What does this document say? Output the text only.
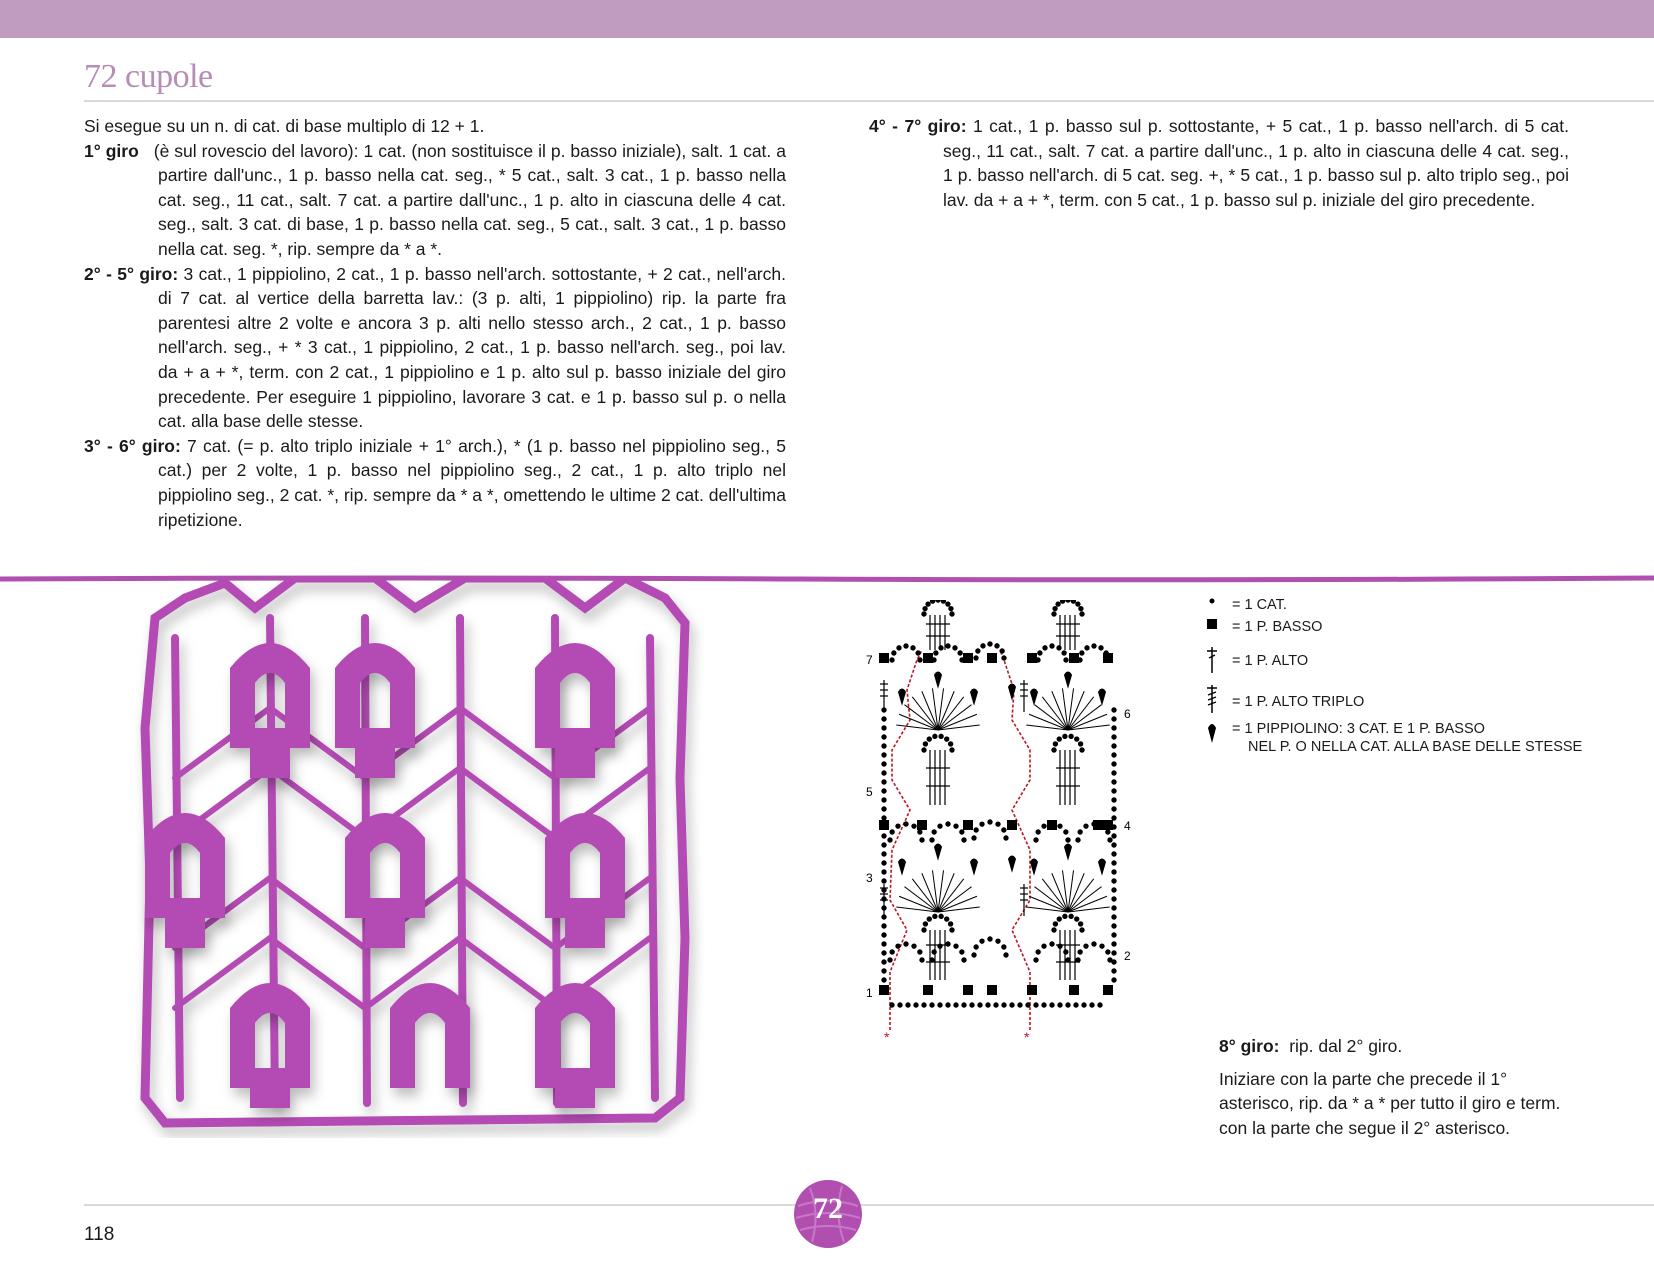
72 cupole
Si esegue su un n. di cat. di base multiplo di 12 + 1.
1° giro (è sul rovescio del lavoro): 1 cat. (non sostituisce il p. basso iniziale), salt. 1 cat. a partire dall'unc., 1 p. basso nella cat. seg., * 5 cat., salt. 3 cat., 1 p. basso nella cat. seg., 11 cat., salt. 7 cat. a partire dall'unc., 1 p. alto in ciascuna delle 4 cat. seg., salt. 3 cat. di base, 1 p. basso nella cat. seg., 5 cat., salt. 3 cat., 1 p. basso nella cat. seg. *, rip. sempre da * a *.
2° - 5° giro: 3 cat., 1 pippiolino, 2 cat., 1 p. basso nell'arch. sottostante, + 2 cat., nell'arch. di 7 cat. al vertice della barretta lav.: (3 p. alti, 1 pippiolino) rip. la parte fra parentesi altre 2 volte e ancora 3 p. alti nello stesso arch., 2 cat., 1 p. basso nell'arch. seg., + * 3 cat., 1 pippiolino, 2 cat., 1 p. basso nell'arch. seg., poi lav. da + a + *, term. con 2 cat., 1 pippiolino e 1 p. alto sul p. basso iniziale del giro precedente. Per eseguire 1 pippiolino, lavorare 3 cat. e 1 p. basso sul p. o nella cat. alla base delle stesse.
3° - 6° giro: 7 cat. (= p. alto triplo iniziale + 1° arch.), * (1 p. basso nel pippiolino seg., 5 cat.) per 2 volte, 1 p. basso nel pippiolino seg., 2 cat., 1 p. alto triplo nel pippiolino seg., 2 cat. *, rip. sempre da * a *, omettendo le ultime 2 cat. dell'ultima ripetizione.
4° - 7° giro: 1 cat., 1 p. basso sul p. sottostante, + 5 cat., 1 p. basso nell'arch. di 5 cat. seg., 11 cat., salt. 7 cat. a partire dall'unc., 1 p. alto in ciascuna delle 4 cat. seg., 1 p. basso nell'arch. di 5 cat. seg. +, * 5 cat., 1 p. basso sul p. alto triplo seg., poi lav. da + a + *, term. con 5 cat., 1 p. basso sul p. iniziale del giro precedente.
1
2
3
4
5
6
7
*	*
= 1 CAT.
= 1 P. BASSO
= 1 P. ALTO
= 1 P. ALTO TRIPLO
= 1 PIPPIOLINO: 3 CAT. E 1 P. BASSO
NEL P. O NELLA CAT. ALLA BASE DELLE STESSE
8° giro: rip. dal 2° giro.
Iniziare con la parte che precede il 1° asterisco, rip. da * a * per tutto il giro e term. con la parte che segue il 2° asterisco.
118
72
